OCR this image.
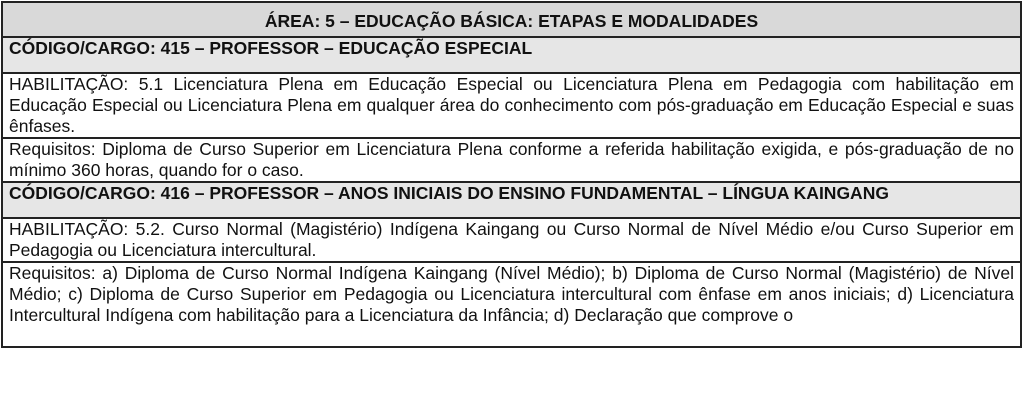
ÁREA: 5 – EDUCAÇÃO BÁSICA: ETAPAS E MODALIDADES
CÓDIGO/CARGO: 415 – PROFESSOR – EDUCAÇÃO ESPECIAL
HABILITAÇÃO: 5.1 Licenciatura Plena em Educação Especial ou Licenciatura Plena em Pedagogia com habilitação em Educação Especial ou Licenciatura Plena em qualquer área do conhecimento com pós-graduação em Educação Especial e suas ênfases.
Requisitos: Diploma de Curso Superior em Licenciatura Plena conforme a referida habilitação exigida, e pós-graduação de no mínimo 360 horas, quando for o caso.
CÓDIGO/CARGO: 416 – PROFESSOR – ANOS INICIAIS DO ENSINO FUNDAMENTAL – LÍNGUA KAINGANG
HABILITAÇÃO: 5.2. Curso Normal (Magistério) Indígena Kaingang ou Curso Normal de Nível Médio e/ou Curso Superior em Pedagogia ou Licenciatura intercultural.
Requisitos: a) Diploma de Curso Normal Indígena Kaingang (Nível Médio); b) Diploma de Curso Normal (Magistério) de Nível Médio; c) Diploma de Curso Superior em Pedagogia ou Licenciatura intercultural com ênfase em anos iniciais; d) Licenciatura Intercultural Indígena com habilitação para a Licenciatura da Infância; d) Declaração que comprove o
